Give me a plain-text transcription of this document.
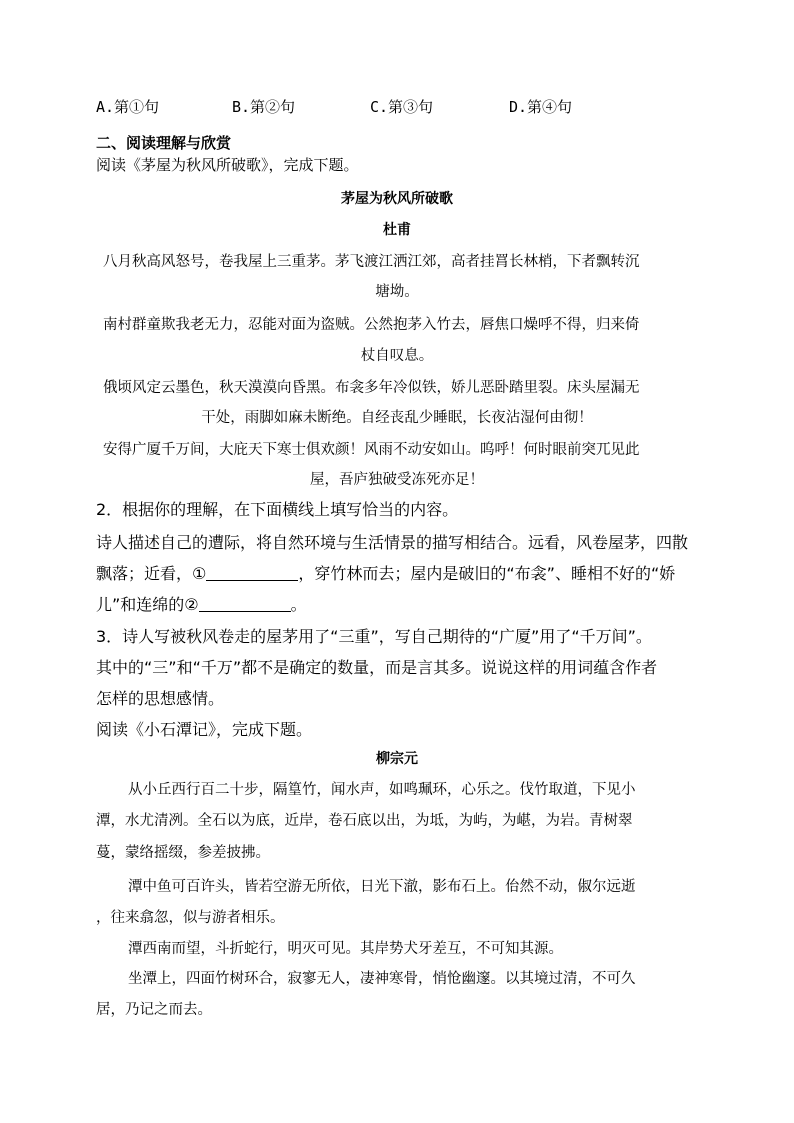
A.第①句	B.第②句	C.第③句	D.第④句
二、阅读理解与欣赏
阅读《茅屋为秋风所破歌》，完成下题。
茅屋为秋风所破歌
杜甫
八月秋高风怒号，卷我屋上三重茅。茅飞渡江洒江郊，高者挂罥长林梢，下者飘转沉
塘坳。
南村群童欺我老无力，忍能对面为盗贼。公然抱茅入竹去，唇焦口燥呼不得，归来倚
杖自叹息。
俄顷风定云墨色，秋天漠漠向昏黑。布衾多年冷似铁，娇儿恶卧踏里裂。床头屋漏无
干处，雨脚如麻未断绝。自经丧乱少睡眠，长夜沾湿何由彻！
安得广厦千万间，大庇天下寒士俱欢颜！风雨不动安如山。呜呼！何时眼前突兀见此
屋，吾庐独破受冻死亦足！
2．根据你的理解，在下面横线上填写恰当的内容。
诗人描述自己的遭际，将自然环境与生活情景的描写相结合。远看，风卷屋茅，四散
飘落；近看，①	，穿竹林而去；屋内是破旧的“布衾”、睡相不好的“娇
儿”和连绵的②	。
3．诗人写被秋风卷走的屋茅用了“三重”，写自己期待的“广厦”用了“千万间”。
其中的“三”和“千万”都不是确定的数量，而是言其多。说说这样的用词蕴含作者
怎样的思想感情。
阅读《小石潭记》，完成下题。
柳宗元
从小丘西行百二十步，隔篁竹，闻水声，如鸣珮环，心乐之。伐竹取道，下见小
潭，水尤清冽。全石以为底，近岸，卷石底以出，为坻，为屿，为嵁，为岩。青树翠
蔓，蒙络摇缀，参差披拂。
潭中鱼可百许头，皆若空游无所依，日光下澈，影布石上。佁然不动，俶尔远逝
，往来翕忽，似与游者相乐。
潭西南而望，斗折蛇行，明灭可见。其岸势犬牙差互，不可知其源。
坐潭上，四面竹树环合，寂寥无人，凄神寒骨，悄怆幽邃。以其境过清，不可久
居，乃记之而去。
